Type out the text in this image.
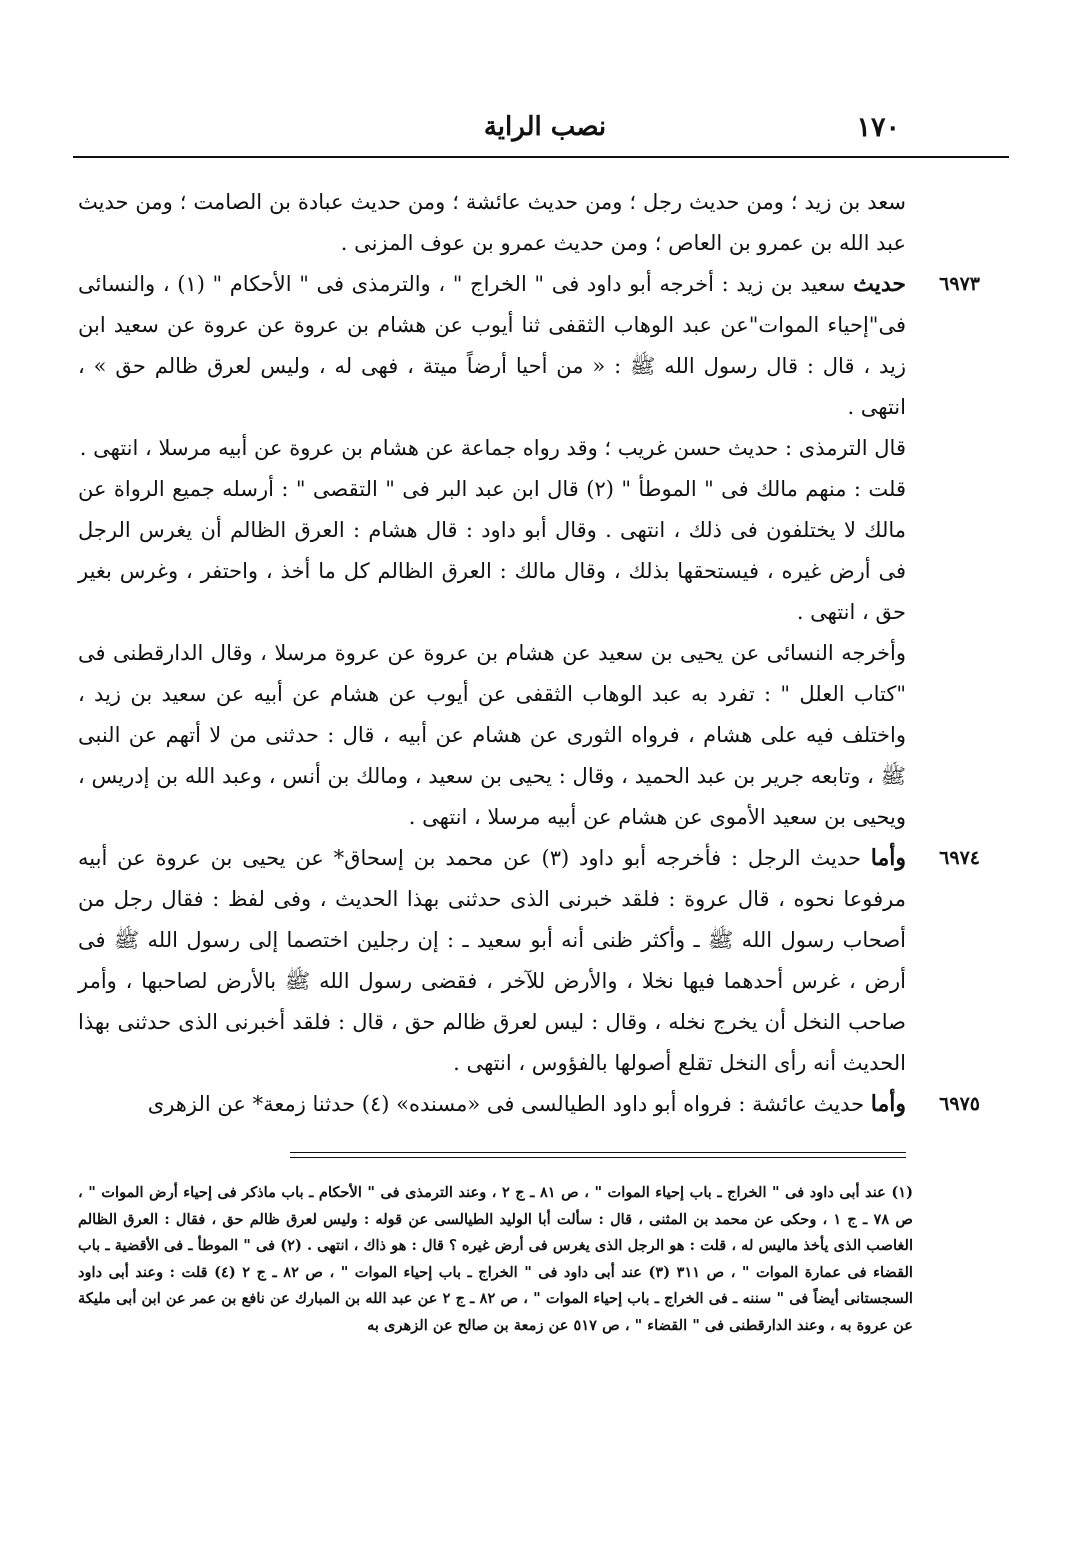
١٧٠
نصب الراية

سعد بن زيد ؛ ومن حديث رجل ؛ ومن حديث عائشة ؛ ومن حديث عبادة بن الصامت ؛ ومن حديث عبد الله بن عمرو بن العاص ؛ ومن حديث عمرو بن عوف المزنى .

٦٩٧٣

حديث سعيد بن زيد : أخرجه أبو داود فى " الخراج " ، والترمذى فى " الأحكام " (١) ، والنسائى فى"إحياء الموات"عن عبد الوهاب الثقفى ثنا أيوب عن هشام بن عروة عن عروة عن سعيد ابن زيد ، قال : قال رسول الله ﷺ : « من أحيا أرضاً ميتة ، فهى له ، وليس لعرق ظالم حق » ، انتهى .

قال الترمذى : حديث حسن غريب ؛ وقد رواه جماعة عن هشام بن عروة عن أبيه مرسلا ، انتهى .

قلت : منهم مالك فى " الموطأ " (٢) قال ابن عبد البر فى " التقصى " : أرسله جميع الرواة عن مالك لا يختلفون فى ذلك ، انتهى . وقال أبو داود : قال هشام : العرق الظالم أن يغرس الرجل فى أرض غيره ، فيستحقها بذلك ، وقال مالك : العرق الظالم كل ما أخذ ، واحتفر ، وغرس بغير حق ، انتهى .

وأخرجه النسائى عن يحيى بن سعيد عن هشام بن عروة عن عروة مرسلا ، وقال الدارقطنى فى "كتاب العلل " : تفرد به عبد الوهاب الثقفى عن أيوب عن هشام عن أبيه عن سعيد بن زيد ، واختلف فيه على هشام ، فرواه الثورى عن هشام عن أبيه ، قال : حدثنى من لا أتهم عن النبى ﷺ ، وتابعه جرير بن عبد الحميد ، وقال : يحيى بن سعيد ، ومالك بن أنس ، وعبد الله بن إدريس ، ويحيى بن سعيد الأموى عن هشام عن أبيه مرسلا ، انتهى .

٦٩٧٤

وأما حديث الرجل : فأخرجه أبو داود (٣) عن محمد بن إسحاق* عن يحيى بن عروة عن أبيه مرفوعا نحوه ، قال عروة : فلقد خبرنى الذى حدثنى بهذا الحديث ، وفى لفظ : فقال رجل من أصحاب رسول الله ﷺ ـ وأكثر ظنى أنه أبو سعيد ـ : إن رجلين اختصما إلى رسول الله ﷺ فى أرض ، غرس أحدهما فيها نخلا ، والأرض للآخر ، فقضى رسول الله ﷺ بالأرض لصاحبها ، وأمر صاحب النخل أن يخرج نخله ، وقال : ليس لعرق ظالم حق ، قال : فلقد أخبرنى الذى حدثنى بهذا الحديث أنه رأى النخل تقلع أصولها بالفؤوس ، انتهى .

٦٩٧٥

وأما حديث عائشة : فرواه أبو داود الطيالسى فى «مسنده» (٤) حدثنا زمعة* عن الزهرى

(١) عند أبى داود فى " الخراج ـ باب إحياء الموات " ، ص ٨١ ـ ج ٢ ، وعند الترمذى فى " الأحكام ـ باب ماذكر فى إحياء أرض الموات " ، ص ٧٨ ـ ج ١ ، وحكى عن محمد بن المثنى ، قال : سألت أبا الوليد الطيالسى عن قوله : وليس لعرق ظالم حق ، فقال : العرق الظالم الغاصب الذى يأخذ ماليس له ، قلت : هو الرجل الذى يغرس فى أرض غيره ؟ قال : هو ذاك ، انتهى . (٢) فى " الموطأ ـ فى الأقضية ـ باب القضاء فى عمارة الموات " ، ص ٣١١ (٣) عند أبى داود فى " الخراج ـ باب إحياء الموات " ، ص ٨٢ ـ ج ٢ (٤) قلت : وعند أبى داود السجستانى أيضاً فى " سننه ـ فى الخراج ـ باب إحياء الموات " ، ص ٨٢ ـ ج ٢ عن عبد الله بن المبارك عن نافع بن عمر عن ابن أبى مليكة عن عروة به ، وعند الدارقطنى فى " القضاء " ، ص ٥١٧ عن زمعة بن صالح عن الزهرى به
